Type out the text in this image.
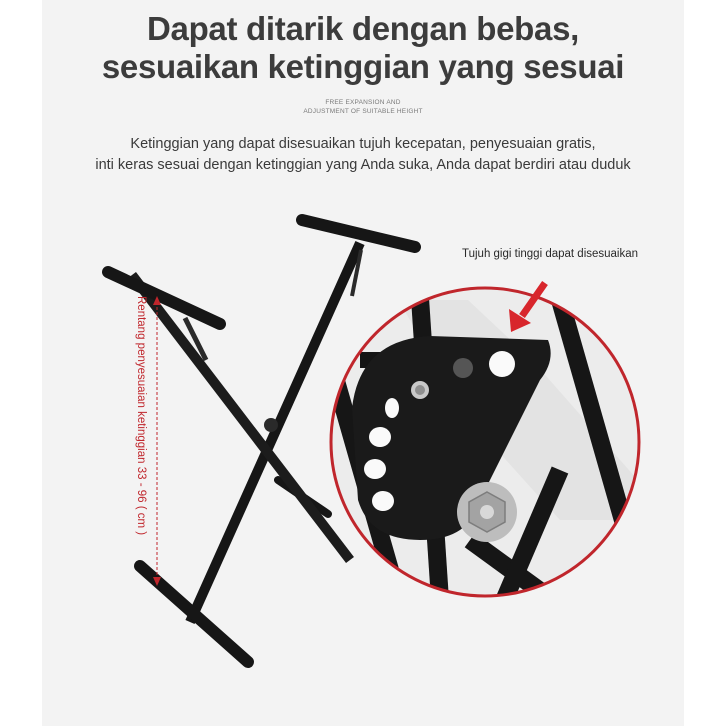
Dapat ditarik dengan bebas,
sesuaikan ketinggian yang sesuai
FREE EXPANSION AND
ADJUSTMENT OF SUITABLE HEIGHT
Ketinggian yang dapat disesuaikan tujuh kecepatan, penyesuaian gratis,
inti keras sesuai dengan ketinggian yang Anda suka, Anda dapat berdiri atau duduk
Tujuh gigi tinggi dapat disesuaikan
Rentang penyesuaian ketinggian 33 - 96 ( cm )
